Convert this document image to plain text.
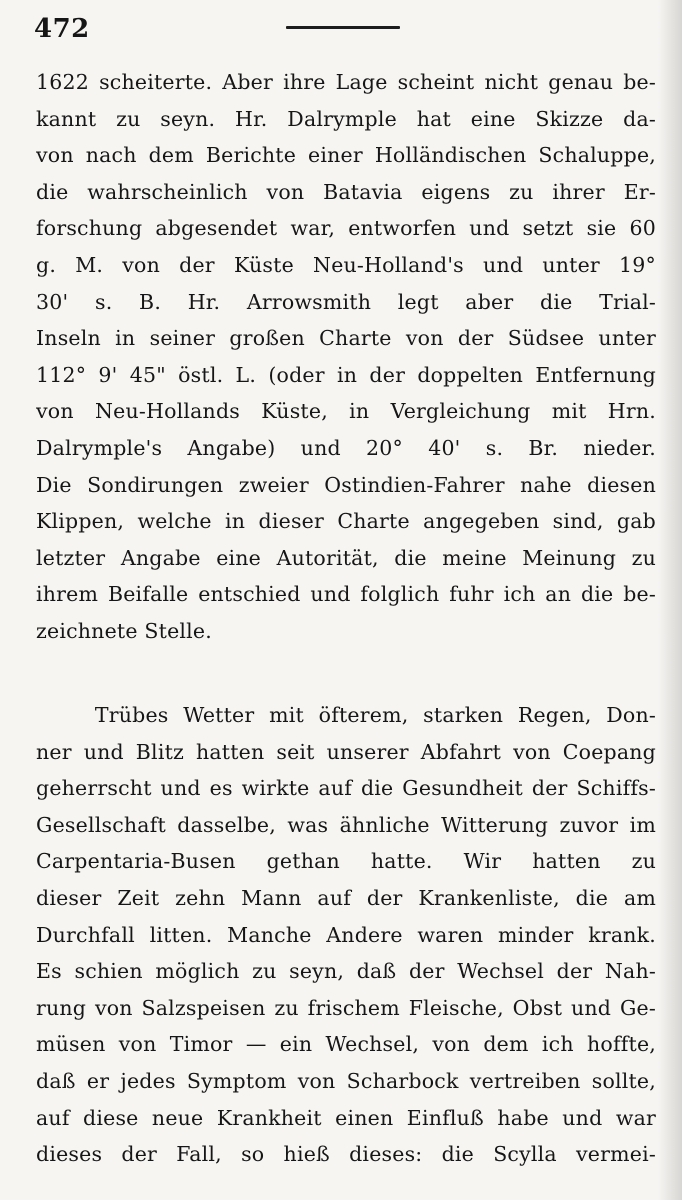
472
1622 scheiterte. Aber ihre Lage scheint nicht genau be-
kannt zu seyn. Hr. Dalrymple hat eine Skizze da-
von nach dem Berichte einer Holländischen Schaluppe,
die wahrscheinlich von Batavia eigens zu ihrer Er-
forschung abgesendet war, entworfen und setzt sie 60
g. M. von der Küste Neu-Holland's und unter 19°
30' s. B. Hr. Arrowsmith legt aber die Trial-
Inseln in seiner großen Charte von der Südsee unter
112° 9' 45" östl. L. (oder in der doppelten Entfernung
von Neu-Hollands Küste, in Vergleichung mit Hrn.
Dalrymple's Angabe) und 20° 40' s. Br. nieder.
Die Sondirungen zweier Ostindien-Fahrer nahe diesen
Klippen, welche in dieser Charte angegeben sind, gab
letzter Angabe eine Autorität, die meine Meinung zu
ihrem Beifalle entschied und folglich fuhr ich an die be-
zeichnete Stelle.
Trübes Wetter mit öfterem, starken Regen, Don-
ner und Blitz hatten seit unserer Abfahrt von Coepang
geherrscht und es wirkte auf die Gesundheit der Schiffs-
Gesellschaft dasselbe, was ähnliche Witterung zuvor im
Carpentaria-Busen gethan hatte. Wir hatten zu
dieser Zeit zehn Mann auf der Krankenliste, die am
Durchfall litten. Manche Andere waren minder krank.
Es schien möglich zu seyn, daß der Wechsel der Nah-
rung von Salzspeisen zu frischem Fleische, Obst und Ge-
müsen von Timor — ein Wechsel, von dem ich hoffte,
daß er jedes Symptom von Scharbock vertreiben sollte,
auf diese neue Krankheit einen Einfluß habe und war
dieses der Fall, so hieß dieses: die Scylla vermei-
